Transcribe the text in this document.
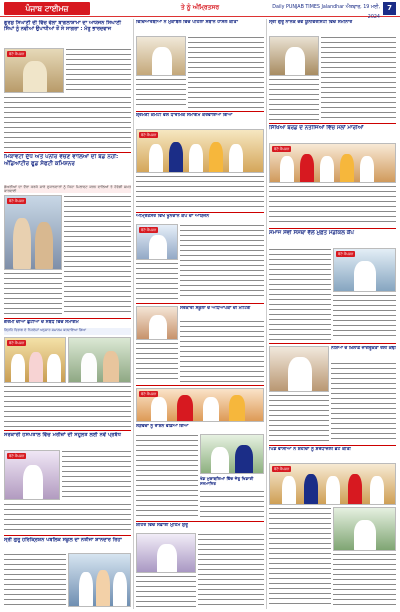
ਪੰਜਾਬ ਟਾਈਮਜ਼	ਤੇ ਨੂੰ ਅੰਮ੍ਰਿਤਸਰ	Daily PUNJAB TIMES Jalandhar ਐਤਵਾਰ, 19 ਮਈ, 2024
7
ਗੁਰਸ਼ੁ ਸਿਘਾਣੀ ਦੀ ਵਿੱਚ ਵੇਲਾ ਬਾਗਲਾਸ਼ਾਮਾ ਦਾ ਆਯੋਜਨ ਸਿਘਾਣੀ ਸਿੰਘਾਂ ਨੂੰ ਨਵੀਆਂ ਉਪਾਧੀਆਂ ਤੋਂ ਸੇ ਸਾਗਰਾ : ਮੰਤੂ ਭਾਰਦਵਾਜ
ਫੋਟੋ ਕੈਪਸ਼ਨ
ਮਿਕਾਵਟੀ ਦੁੱਧ ਅਤੇ ਪਨੀਰ ਵੇਚਣ ਵਾਲਿਆਂ ਦੀ ਬੋਡ ਨਹੀਂ: ਅੰਡਿਆਂਟੀਰ ਫੂਡ ਸੇਫਟੀ ਕਮਿਸ਼ਨਰ
ਡੇਅਰੀਆਂ ਦਾ ਦੌਰਾ ਕਰਕੇ ਸਾਰੇ ਦੁਕਾਨਦਾਰਾਂ ਨੂੰ ਕਿਹਾ ਮਿਲਾਵਟ ਕਰਨ ਵਾਲਿਆਂ ਤੇ ਹੋਵੇਗੀ ਸਖ਼ਤ ਕਾਰਵਾਈ
ਫੋਟੋ ਕੈਪਸ਼ਨ
ਗਰਮੀ ਦੀਆਂ ਛੁੱਟੀਆਂ ਦੇ ਸਬੰਧ ਵਿੱਚ ਸਮਾਗਮ
ਗ੍ਰਿਹਿ ਵਿਭਾਗ ਦੇ ਨਿਰਦੇਸ਼ਾਂ ਅਨੁਸਾਰ ਸਮਾਗਮ ਕਰਵਾਇਆ ਗਿਆ
ਫੋਟੋ ਕੈਪਸ਼ਨ
ਸਰਕਾਰੀ ਹਸਪਤਾਲ ਵਿੱਚ ਮਰੀਜ਼ਾਂ ਦੀ ਸਹੂਲਤ ਲਈ ਨਵੇਂ ਪ੍ਰਬੰਧ
ਫੋਟੋ ਕੈਪਸ਼ਨ
ਸ੍ਰੀ ਗੁਰੂ ਹਰਿਕ੍ਰਿਸ਼ਨ ਪਬਲਿਕ ਸਕੂਲ ਦਾ ਨਤੀਜਾ ਸ਼ਾਨਦਾਰ ਰਿਹਾ
ਵਿਦਿਆਰਥੀਆਂ ਨੇ ਮੁਕਾਬਲੇ ਵਿੱਚ ਪਹਿਲਾ ਸਥਾਨ ਹਾਸਲ ਕੀਤਾ
ਸ਼੍ਰੋਮਣੀ ਕਮੇਟੀ ਵੱਲੋਂ ਧਾਰਮਿਕ ਸਮਾਗਮ ਕਰਵਾਇਆ ਗਿਆ
ਫੋਟੋ ਕੈਪਸ਼ਨ
ਅੰਮ੍ਰਿਤਸਰ ਵਿਖੇ ਖੂਨਦਾਨ ਕੈਂਪ ਦਾ ਆਯੋਜਨ
ਫੋਟੋ ਕੈਪਸ਼ਨ
ਸਰਕਾਰੀ ਸਕੂਲਾਂ ਦੇ ਅਧਿਆਪਕਾਂ ਦੀ ਮੀਟਿੰਗ
ਫੋਟੋ ਕੈਪਸ਼ਨ
ਲੋੜਵੰਦਾਂ ਨੂੰ ਰਾਸ਼ਨ ਵੰਡਿਆ ਗਿਆ
ਖੇਡ ਮੁਕਾਬਲਿਆਂ ਵਿੱਚ ਜੇਤੂ ਖਿਡਾਰੀ ਸਨਮਾਨਿਤ
ਸ਼ਹਿਰ ਵਿੱਚ ਸਫ਼ਾਈ ਮੁਹਿੰਮ ਸ਼ੁਰੂ
ਸ੍ਰੀ ਗੁਰੂ ਨਾਨਕ ਦੇਵ ਯੂਨੀਵਰਸਿਟੀ ਵਿੱਚ ਸੈਮੀਨਾਰ
ਸਿੱਖਿਆ ਬੋਰਡ ਦੇ ਨਤੀਜਿਆਂ ਵਿੱਚ ਮੱਲਾਂ ਮਾਰੀਆਂ
ਫੋਟੋ ਕੈਪਸ਼ਨ
ਸਮਾਜ ਸੇਵੀ ਸੰਸਥਾ ਵੱਲੋਂ ਮੁਫ਼ਤ ਮੈਡੀਕਲ ਕੈਂਪ
ਫੋਟੋ ਕੈਪਸ਼ਨ
ਨਸ਼ਿਆਂ ਦੇ ਖ਼ਿਲਾਫ਼ ਜਾਗਰੂਕਤਾ ਰੈਲੀ ਕੱਢੀ
ਪਿੰਡ ਵਾਸੀਆਂ ਨੇ ਸ਼ਹੀਦਾਂ ਨੂੰ ਸ਼ਰਧਾਂਜਲੀ ਭੇਟ ਕੀਤੀ
ਫੋਟੋ ਕੈਪਸ਼ਨ
